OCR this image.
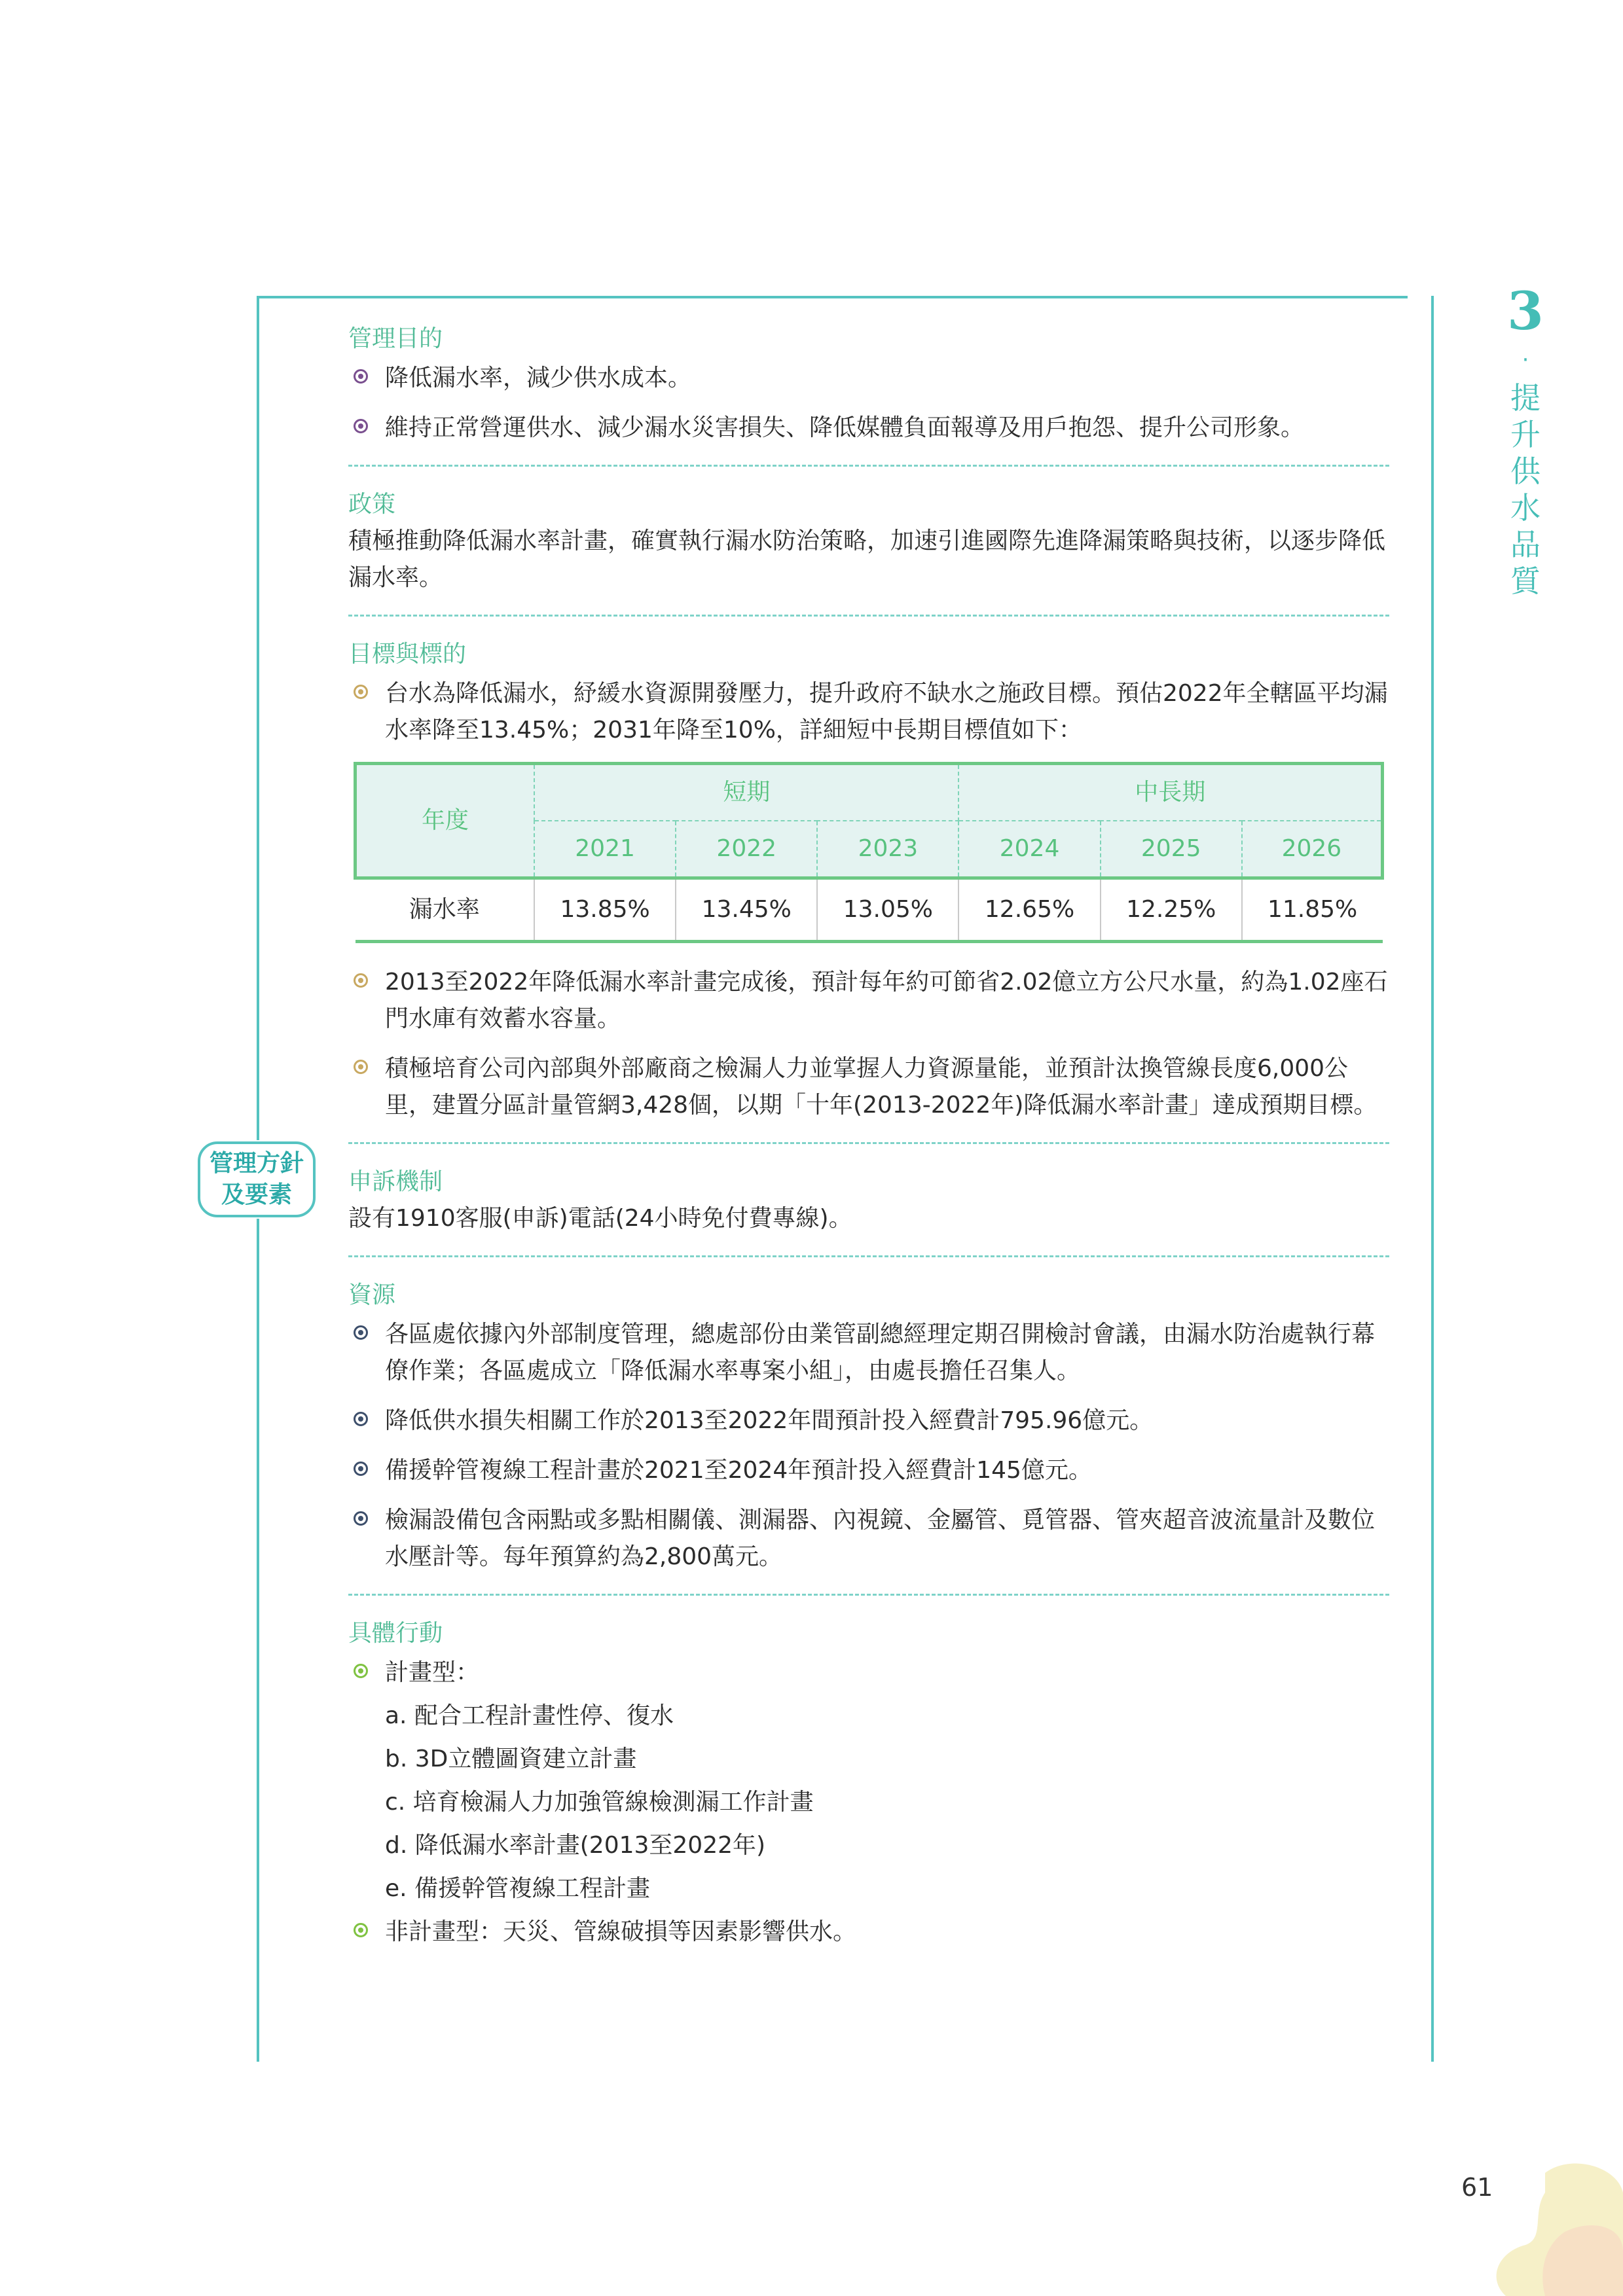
管理方針
及要素
3
·
提
升
供
水
品
質
管理目的
降低漏水率，減少供水成本。
維持正常營運供水、減少漏水災害損失、降低媒體負面報導及用戶抱怨、提升公司形象。
政策

積極推動降低漏水率計畫，確實執行漏水防治策略，加速引進國際先進降漏策略與技術，以逐步降低漏水率。

目標與標的
台水為降低漏水，紓緩水資源開發壓力，提升政府不缺水之施政目標。預估2022年全轄區平均漏水率降至13.45%；2031年降至10%，詳細短中長期目標值如下：
年度	短期			中長期		
	2021	2022	2023	2024	2025	2026
漏水率	13.85%	13.45%	13.05%	12.65%	12.25%	11.85%
2013至2022年降低漏水率計畫完成後，預計每年約可節省2.02億立方公尺水量，約為1.02座石門水庫有效蓄水容量。
積極培育公司內部與外部廠商之檢漏人力並掌握人力資源量能，並預計汰換管線長度6,000公里，建置分區計量管網3,428個，以期「十年(2013-2022年)降低漏水率計畫」達成預期目標。
申訴機制

設有1910客服(申訴)電話(24小時免付費專線)。

資源
各區處依據內外部制度管理，總處部份由業管副總經理定期召開檢討會議，由漏水防治處執行幕僚作業；各區處成立「降低漏水率專案小組」，由處長擔任召集人。
降低供水損失相關工作於2013至2022年間預計投入經費計795.96億元。
備援幹管複線工程計畫於2021至2024年預計投入經費計145億元。
檢漏設備包含兩點或多點相關儀、測漏器、內視鏡、金屬管、覓管器、管夾超音波流量計及數位水壓計等。每年預算約為2,800萬元。
具體行動
計畫型：
a. 配合工程計畫性停、復水
b. 3D立體圖資建立計畫
c. 培育檢漏人力加強管線檢測漏工作計畫
d. 降低漏水率計畫(2013至2022年)
e. 備援幹管複線工程計畫
非計畫型：天災、管線破損等因素影響供水。
61
